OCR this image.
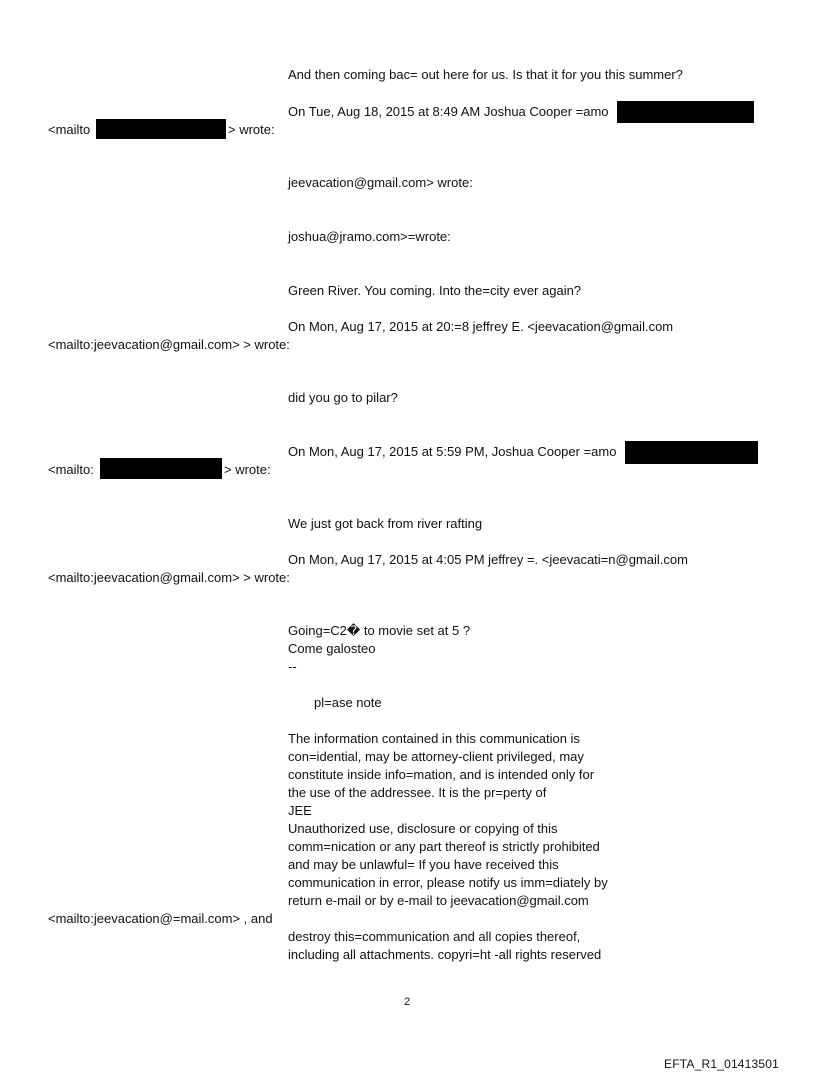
And then coming bac= out here for us. Is that it for you this summer?
On Tue, Aug 18, 2015 at 8:49 AM Joshua Cooper =amo
<mailto	> wrote:
jeevacation@gmail.com> wrote:
joshua@jramo.com>=wrote:
Green River. You coming. Into the=city ever again?
On Mon, Aug 17, 2015 at 20:=8 jeffrey E. <jeevacation@gmail.com
<mailto:jeevacation@gmail.com> > wrote:
did you go to pilar?
On Mon, Aug 17, 2015 at 5:59 PM, Joshua Cooper =amo
<mailto:	> wrote:
We just got back from river rafting
On Mon, Aug 17, 2015 at 4:05 PM jeffrey =. <jeevacati=n@gmail.com
<mailto:jeevacation@gmail.com> > wrote:
Going=C2� to movie set at 5 ?
Come galosteo
--
pl=ase note
The information contained in this communication is
con=idential, may be attorney-client privileged, may
constitute inside info=mation, and is intended only for
the use of the addressee. It is the pr=perty of
JEE
Unauthorized use, disclosure or copying of this
comm=nication or any part thereof is strictly prohibited
and may be unlawful= If you have received this
communication in error, please notify us imm=diately by
return e-mail or by e-mail to jeevacation@gmail.com
<mailto:jeevacation@=mail.com> , and
destroy this=communication and all copies thereof,
including all attachments. copyri=ht -all rights reserved
2
EFTA_R1_01413501
